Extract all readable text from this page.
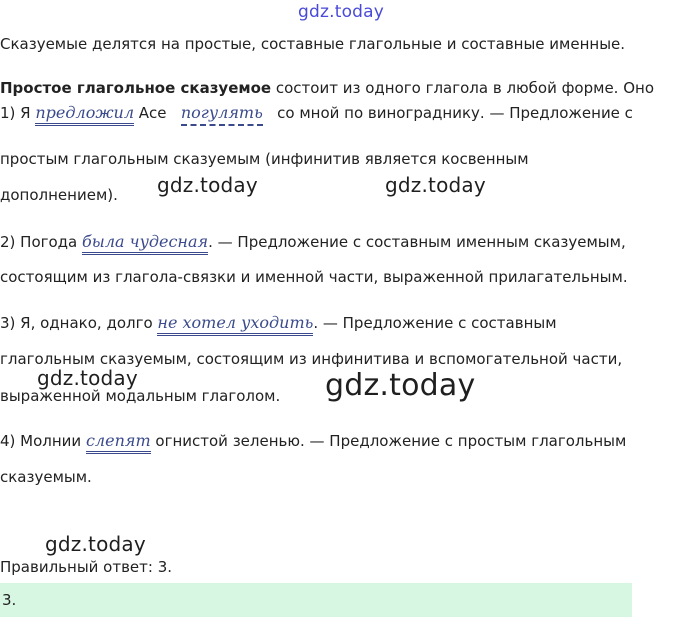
gdz.today
gdz.today	gdz.today
gdz.today	gdz.today
gdz.today
Сказуемые делятся на простые, составные глагольные и составные именные.
Простое глагольное сказуемое состоит из одного глагола в любой форме. Оно
1) Я предложил Асе   погулять   со мной по винограднику. — Предложение с
простым глагольным сказуемым (инфинитив является косвенным
дополнением).
2) Погода была чудесная. — Предложение с составным именным сказуемым,
состоящим из глагола-связки и именной части, выраженной прилагательным.
3) Я, однако, долго не хотел уходить. — Предложение с составным
глагольным сказуемым, состоящим из инфинитива и вспомогательной части,
выраженной модальным глаголом.
4) Молнии слепят огнистой зеленью. — Предложение с простым глагольным
сказуемым.
Правильный ответ: 3.
3.
